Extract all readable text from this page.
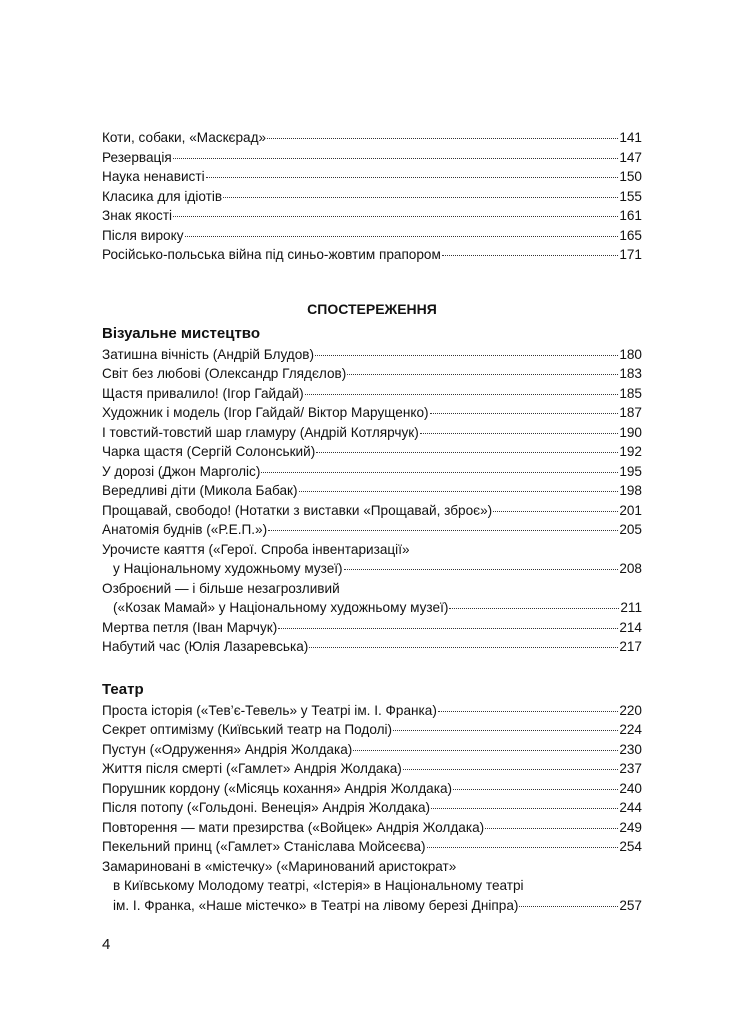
Коти, собаки, «Маскєрад»	141
Резервація	147
Наука ненависті	150
Класика для ідіотів	155
Знак якості	161
Після вироку	165
Російсько-польська війна під синьо-жовтим прапором	171
СПОСТЕРЕЖЕННЯ
Візуальне мистецтво
Затишна вічність (Андрій Блудов)	180
Світ без любові (Олександр Глядєлов)	183
Щастя привалило! (Ігор Гайдай)	185
Художник і модель (Ігор Гайдай/ Віктор Марущенко)	187
І товстий-товстий шар гламуру (Андрій Котлярчук)	190
Чарка щастя (Сергій Солонський)	192
У дорозі (Джон Марголіс)	195
Вередливі діти (Микола Бабак)	198
Прощавай, свободо! (Нотатки з виставки «Прощавай, зброє»)	201
Анатомія буднів («Р.Е.П.»)	205
Урочисте каяття («Герої. Спроба інвентаризації»
у Національному художньому музеї)	208
Озброєний — і більше незагрозливий
(«Козак Мамай» у Національному художньому музеї)	211
Мертва петля (Іван Марчук)	214
Набутий час (Юлія Лазаревська)	217
Театр
Проста історія («Тев’є-Тевель» у Театрі ім. І. Франка)	220
Секрет оптимізму (Київський театр на Подолі)	224
Пустун («Одруження» Андрія Жолдака)	230
Життя після смерті («Гамлет» Андрія Жолдака)	237
Порушник кордону («Місяць кохання» Андрія Жолдака)	240
Після потопу («Гольдоні. Венеція» Андрія Жолдака)	244
Повторення — мати презирства («Войцек» Андрія Жолдака)	249
Пекельний принц («Гамлет» Станіслава Мойсеєва)	254
Замариновані в «містечку» («Маринований аристократ»
в Київському Молодому театрі, «Істерія» в Національному театрі
ім. І. Франка, «Наше містечко» в Театрі на лівому березі Дніпра)	257
4
